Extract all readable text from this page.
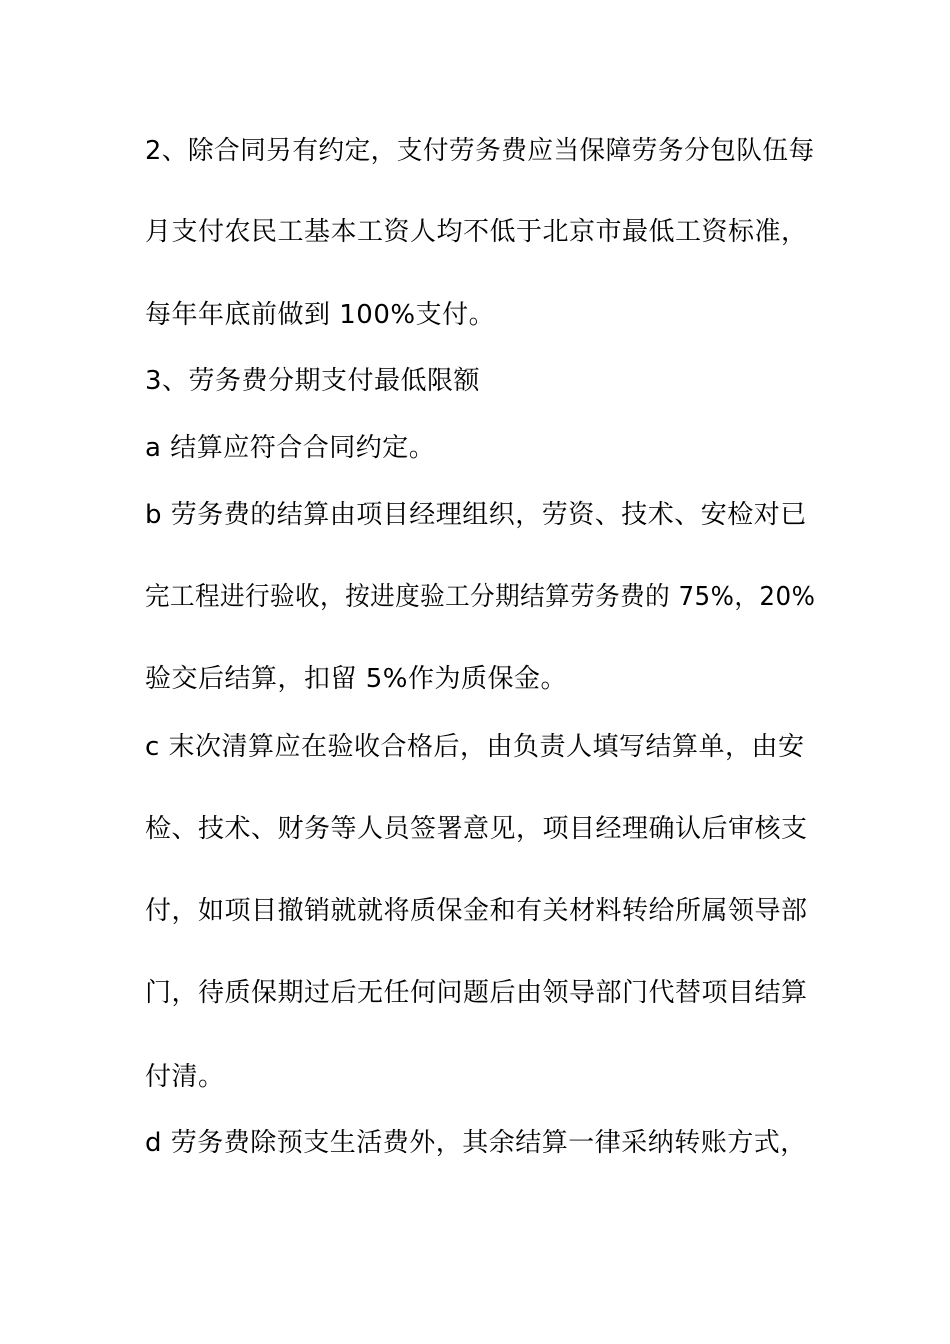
2、除合同另有约定，支付劳务费应当保障劳务分包队伍每
月支付农民工基本工资人均不低于北京市最低工资标准，
每年年底前做到 100%支付。
3、劳务费分期支付最低限额
a 结算应符合合同约定。
b 劳务费的结算由项目经理组织，劳资、技术、安检对已
完工程进行验收，按进度验工分期结算劳务费的 75%，20%
验交后结算，扣留 5%作为质保金。
c 末次清算应在验收合格后，由负责人填写结算单，由安
检、技术、财务等人员签署意见，项目经理确认后审核支
付，如项目撤销就就将质保金和有关材料转给所属领导部
门，待质保期过后无任何问题后由领导部门代替项目结算
付清。
d 劳务费除预支生活费外，其余结算一律采纳转账方式，
